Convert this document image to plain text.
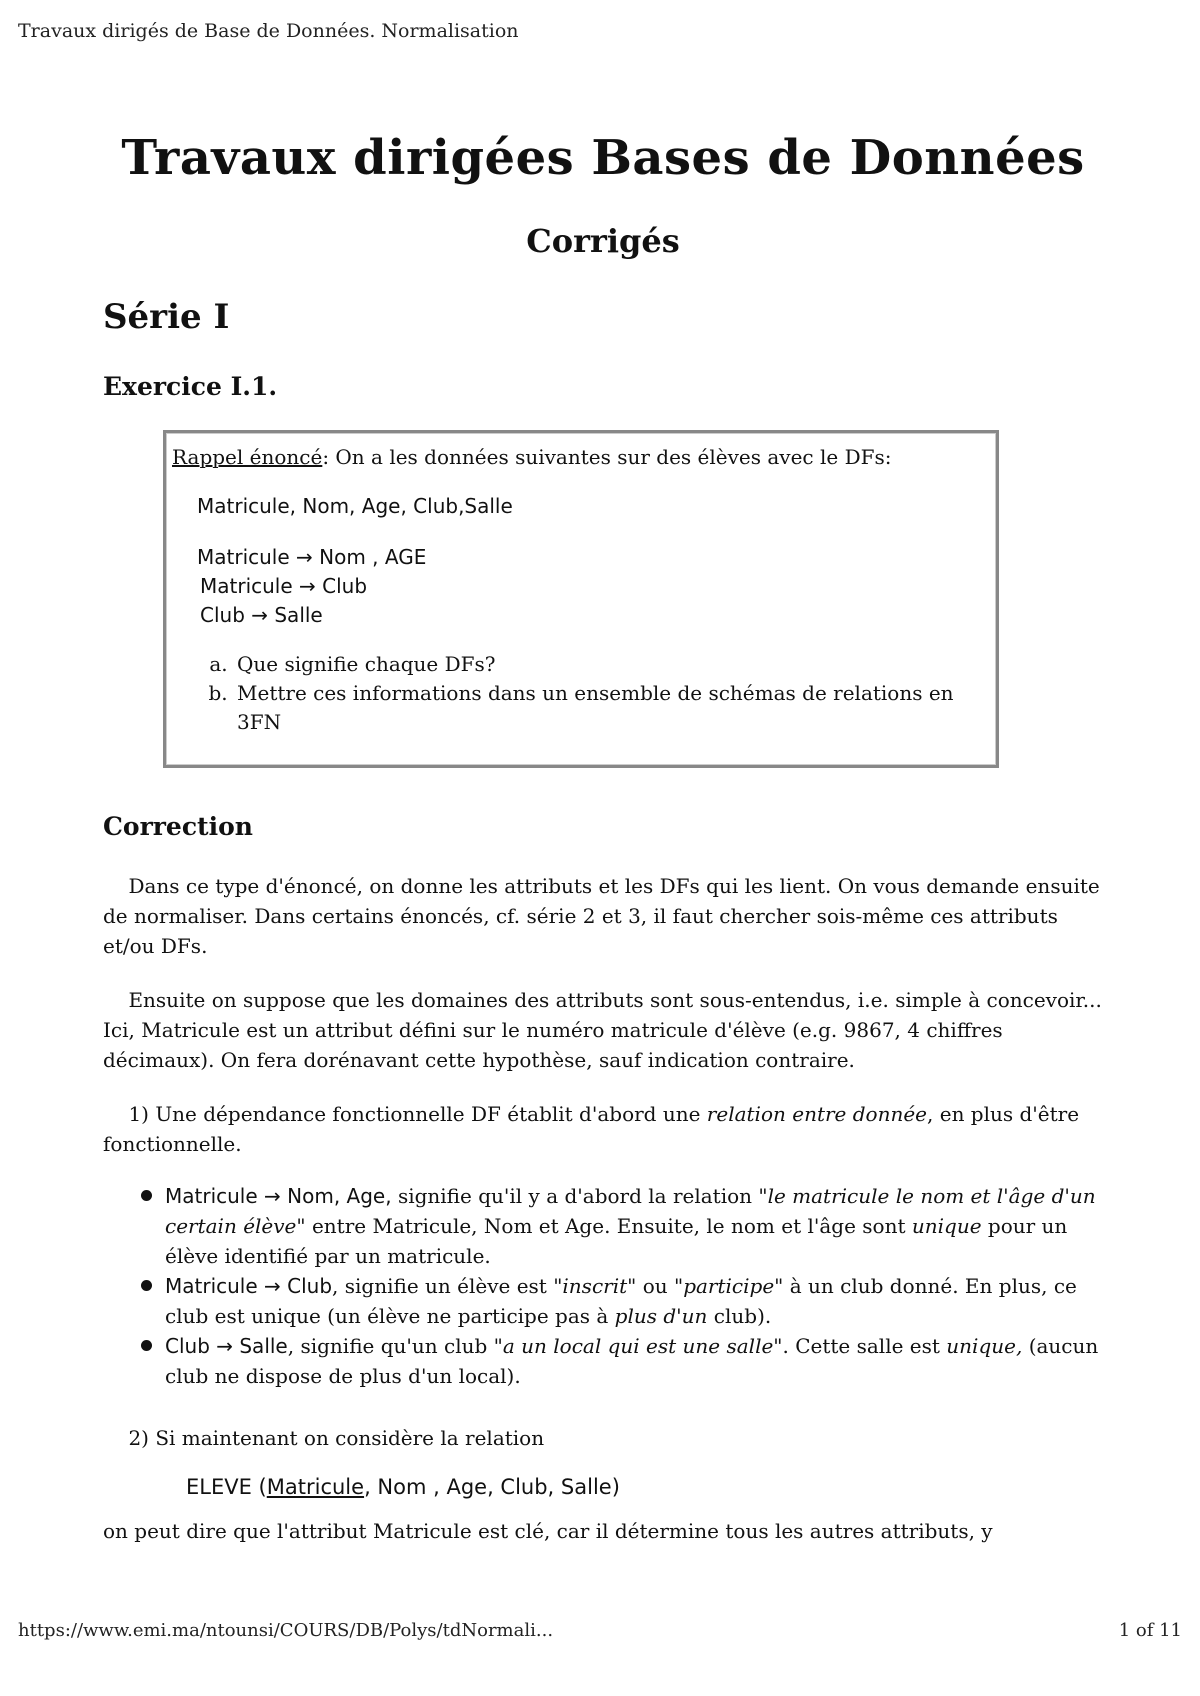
Travaux dirigés de Base de Données. Normalisation
Travaux dirigées Bases de Données
Corrigés
Série I
Exercice I.1.
Rappel énoncé: On a les données suivantes sur des élèves avec le DFs:
Matricule, Nom, Age, Club,Salle
Matricule → Nom , AGE
Matricule → Club
Club → Salle
a. Que signifie chaque DFs?
b. Mettre ces informations dans un ensemble de schémas de relations en 3FN
Correction

Dans ce type d'énoncé, on donne les attributs et les DFs qui les lient. On vous demande ensuite de normaliser. Dans certains énoncés, cf. série 2 et 3, il faut chercher sois-même ces attributs et/ou DFs.

Ensuite on suppose que les domaines des attributs sont sous-entendus, i.e. simple à concevoir... Ici, Matricule est un attribut défini sur le numéro matricule d'élève (e.g. 9867, 4 chiffres décimaux). On fera dorénavant cette hypothèse, sauf indication contraire.

1) Une dépendance fonctionnelle DF établit d'abord une relation entre donnée, en plus d'être fonctionnelle.

Matricule → Nom, Age, signifie qu'il y a d'abord la relation "le matricule le nom et l'âge d'un certain élève" entre Matricule, Nom et Age. Ensuite, le nom et l'âge sont unique pour un élève identifié par un matricule.
Matricule → Club, signifie un élève est "inscrit" ou "participe" à un club donné. En plus, ce club est unique (un élève ne participe pas à plus d'un club).
Club → Salle, signifie qu'un club "a un local qui est une salle". Cette salle est unique, (aucun club ne dispose de plus d'un local).

2) Si maintenant on considère la relation

ELEVE (Matricule, Nom , Age, Club, Salle)

on peut dire que l'attribut Matricule est clé, car il détermine tous les autres attributs, y

https://www.emi.ma/ntounsi/COURS/DB/Polys/tdNormali...	1 of 11
